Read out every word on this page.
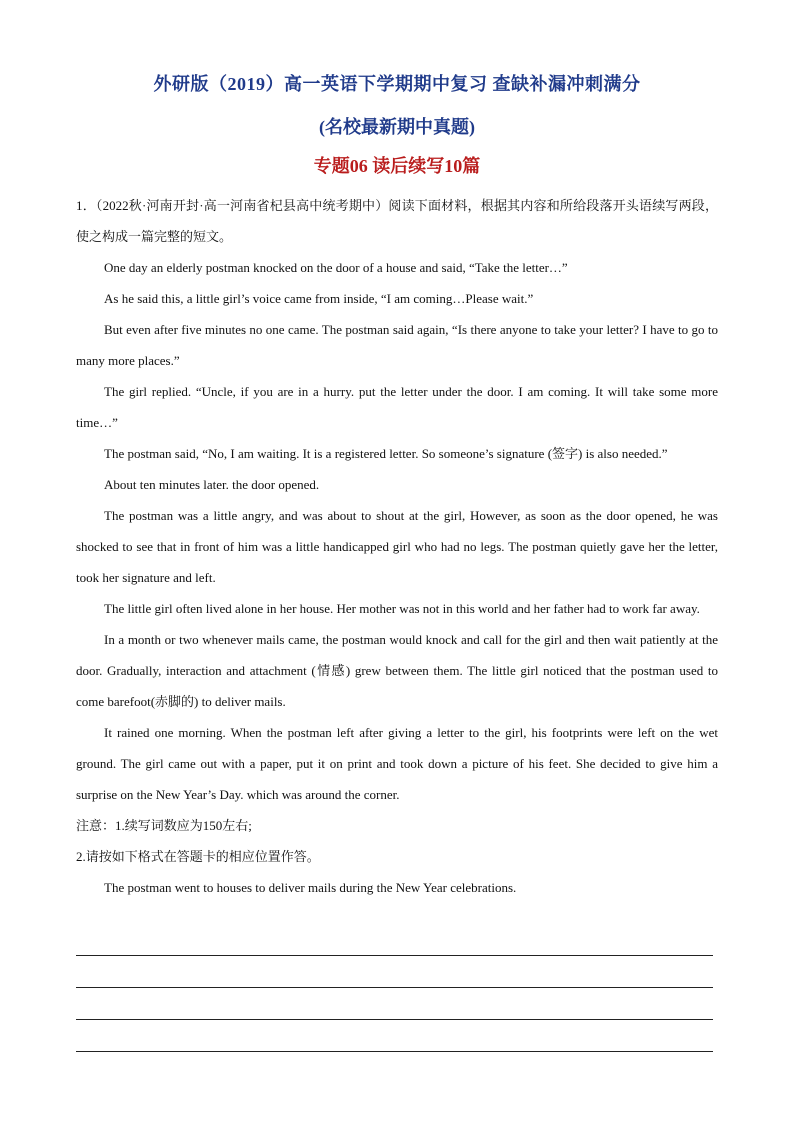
外研版（2019）高一英语下学期期中复习 查缺补漏冲刺满分
(名校最新期中真题)
专题06 读后续写10篇

1．（2022秋·河南开封·高一河南省杞县高中统考期中）阅读下面材料，根据其内容和所给段落开头语续写两段，使之构成一篇完整的短文。

One day an elderly postman knocked on the door of a house and said, “Take the letter…”

As he said this, a little girl’s voice came from inside, “I am coming…Please wait.”

But even after five minutes no one came. The postman said again, “Is there anyone to take your letter? I have to go to many more places.”

The girl replied. “Uncle, if you are in a hurry. put the letter under the door. I am coming. It will take some more time…”

The postman said, “No, I am waiting. It is a registered letter. So someone’s signature (签字) is also needed.”

About ten minutes later. the door opened.

The postman was a little angry, and was about to shout at the girl, However, as soon as the door opened, he was shocked to see that in front of him was a little handicapped girl who had no legs. The postman quietly gave her the letter, took her signature and left.

The little girl often lived alone in her house. Her mother was not in this world and her father had to work far away.

In a month or two whenever mails came, the postman would knock and call for the girl and then wait patiently at the door. Gradually, interaction and attachment (情感) grew between them. The little girl noticed that the postman used to come barefoot(赤脚的) to deliver mails.

It rained one morning. When the postman left after giving a letter to the girl, his footprints were left on the wet ground. The girl came out with a paper, put it on print and took down a picture of his feet. She decided to give him a surprise on the New Year’s Day. which was around the corner.

注意：1.续写词数应为150左右;

2.请按如下格式在答题卡的相应位置作答。

The postman went to houses to deliver mails during the New Year celebrations.
